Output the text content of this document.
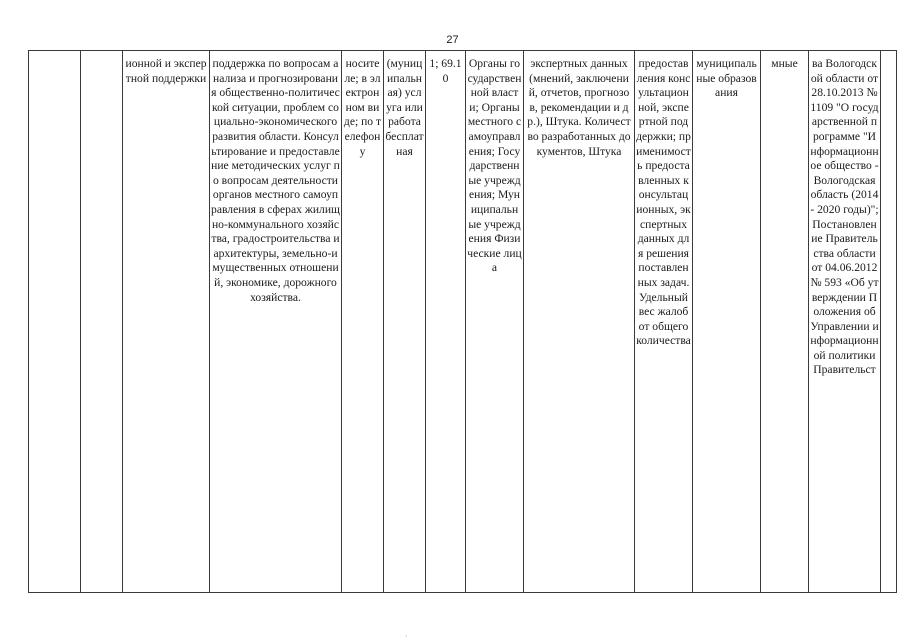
27
		ионной и экспертной поддержки	поддержка по вопросам анализа и прогнозирования общественно-политической ситуации, проблем социально-экономического развития области. Консультирование и предоставление методических услуг по вопросам деятельности органов местного самоуправления в сферах жилищно-коммунального хозяйства, градостроительства и архитектуры, земельно-имущественных отношений, экономике, дорожного хозяйства.	носителе; в электронном виде; по телефону	(муниципальная) услуга или работа бесплатная	1; 69.10	Органы государственной власти; Органы местного самоуправления; Государственные учреждения; Муниципальные учреждения Физические лица	экспертных данных (мнений, заключений, отчетов, прогнозов, рекомендации и др.), Штука. Количество разработанных документов, Штука	предоставления консультационной, экспертной поддержки; применимость предоставленных консультационных, экспертных данных для решения поставленных задач. Удельный вес жалоб от общего количества	муниципальные образования	мные	ва Вологодской области от 28.10.2013 № 1109 "О государственной программе "Информационное общество - Вологодская область (2014 - 2020 годы)"; Постановление Правительства области от 04.06.2012 № 593 «Об утверждении Положения об Управлении информационной политики Правительст	
·
